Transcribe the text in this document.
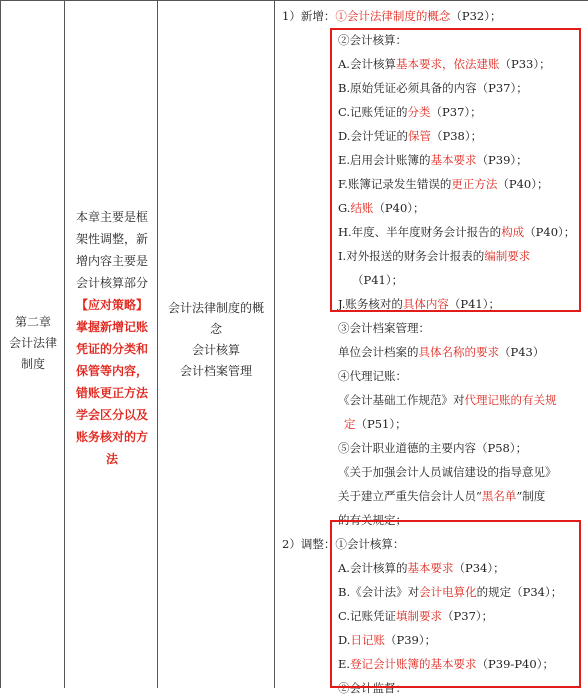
第二章
会计法律
制度
本章主要是框
架性调整，新
增内容主要是
会计核算部分
【应对策略】
掌握新增记账
凭证的分类和
保管等内容，
错账更正方法
学会区分以及
账务核对的方
法
会计法律制度的概
念
会计核算
会计档案管理
1）新增：①会计法律制度的概念（P32）；
②会计核算：
A.会计核算基本要求，依法建账（P33）；
B.原始凭证必须具备的内容（P37）；
C.记账凭证的分类（P37）；
D.会计凭证的保管（P38）；
E.启用会计账簿的基本要求（P39）；
F.账簿记录发生错误的更正方法（P40）；
G.结账（P40）；
H.年度、半年度财务会计报告的构成（P40）；
I.对外报送的财务会计报表的编制要求
（P41）；
J.账务核对的具体内容（P41）；
③会计档案管理：
单位会计档案的具体名称的要求（P43）
④代理记账：
《会计基础工作规范》对代理记账的有关规
定（P51）；
⑤会计职业道德的主要内容（P58）；
《关于加强会计人员诚信建设的指导意见》
关于建立严重失信会计人员“黑名单”制度
的有关规定；
2）调整：①会计核算：
A.会计核算的基本要求（P34）；
B.《会计法》对会计电算化的规定（P34）；
C.记账凭证填制要求（P37）；
D.日记账（P39）；
E.登记会计账簿的基本要求（P39-P40）；
②会计监督：
